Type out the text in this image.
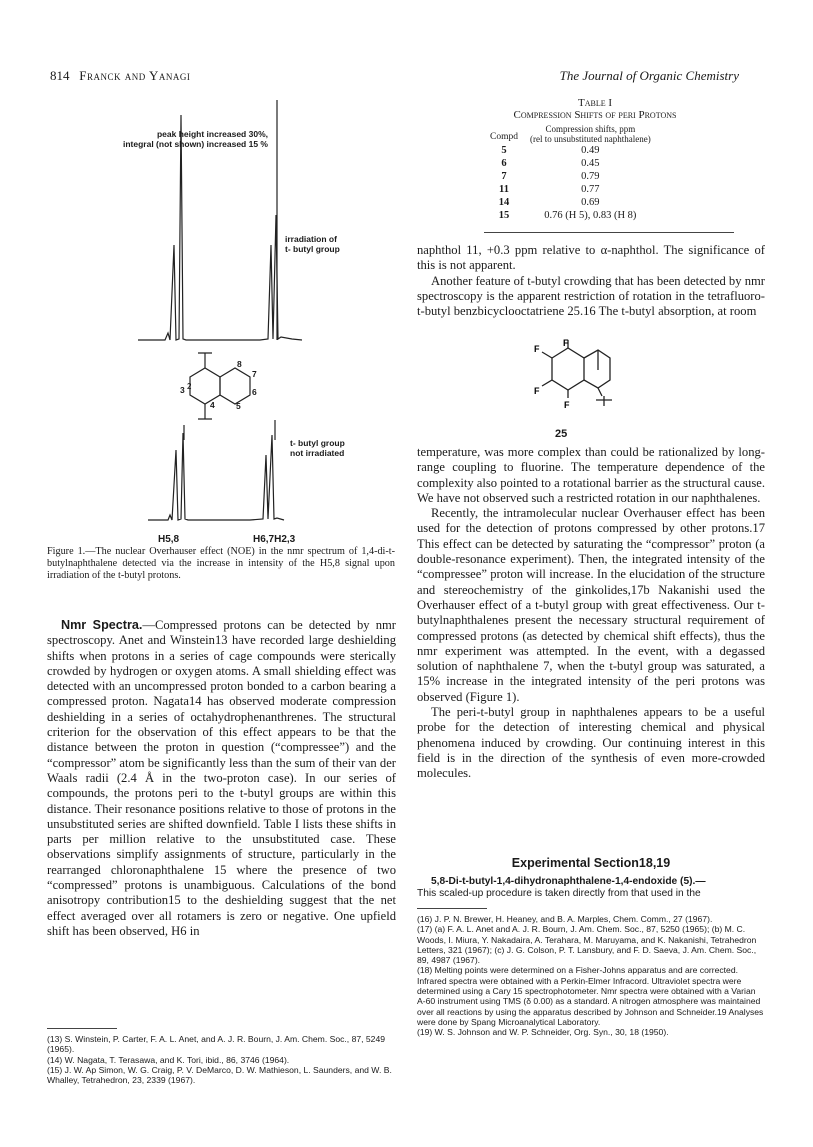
814 Franck and Yanagi	The Journal of Organic Chemistry
2
peak height increased 30%,
integral (not shown) increased 15 %
irradiation of
t- butyl group
t- butyl group
not irradiated
8
7
3	6
4	5
H5,8	H6,7H2,3
Figure 1.—The nuclear Overhauser effect (NOE) in the nmr spectrum of 1,4-di-t-butylnaphthalene detected via the increase in intensity of the H5,8 signal upon irradiation of the t-butyl protons.

Nmr Spectra.—Compressed protons can be detected by nmr spectroscopy. Anet and Winstein13 have recorded large deshielding shifts when protons in a series of cage compounds were sterically crowded by hydrogen or oxygen atoms. A small shielding effect was detected with an uncompressed proton bonded to a carbon bearing a compressed proton. Nagata14 has observed moderate compression deshielding in a series of octahydrophenanthrenes. The structural criterion for the observation of this effect appears to be that the distance between the proton in question (“compressee”) and the “compressor” atom be significantly less than the sum of their van der Waals radii (2.4 Å in the two-proton case). In our series of compounds, the protons peri to the t-butyl groups are within this distance. Their resonance positions relative to those of protons in the unsubstituted series are shifted downfield. Table I lists these shifts in parts per million relative to the unsubstituted case. These observations simplify assignments of structure, particularly in the rearranged chloronaphthalene 15 where the presence of two “compressed” protons is unambiguous. Calculations of the bond anisotropy contribution15 to the deshielding suggest that the net effect averaged over all rotamers is zero or negative. One upfield shift has been observed, H6 in

(13) S. Winstein, P. Carter, F. A. L. Anet, and A. J. R. Bourn, J. Am. Chem. Soc., 87, 5249 (1965).
(14) W. Nagata, T. Terasawa, and K. Tori, ibid., 86, 3746 (1964).
(15) J. W. Ap Simon, W. G. Craig, P. V. DeMarco, D. W. Mathieson, L. Saunders, and W. B. Whalley, Tetrahedron, 23, 2339 (1967).
Table I
Compression Shifts of peri Protons
Compd	Compression shifts, ppm
(rel to unsubstituted naphthalene)

5	0.49
6	0.45
7	0.79
11	0.77
14	0.69
15	0.76 (H 5), 0.83 (H 8)

naphthol 11, +0.3 ppm relative to α-naphthol. The significance of this is not apparent.

Another feature of t-butyl crowding that has been detected by nmr spectroscopy is the apparent restriction of rotation in the tetrafluoro-t-butyl benzbicyclooctatriene 25.16 The t-butyl absorption, at room

F
F
F
F
25

temperature, was more complex than could be rationalized by long-range coupling to fluorine. The temperature dependence of the complexity also pointed to a rotational barrier as the structural cause. We have not observed such a restricted rotation in our naphthalenes.

Recently, the intramolecular nuclear Overhauser effect has been used for the detection of protons compressed by other protons.17 This effect can be detected by saturating the “compressor” proton (a double-resonance experiment). Then, the integrated intensity of the “compressee” proton will increase. In the elucidation of the structure and stereochemistry of the ginkolides,17b Nakanishi used the Overhauser effect of a t-butyl group with great effectiveness. Our t-butylnaphthalenes present the necessary structural requirement of compressed protons (as detected by chemical shift effects), thus the nmr experiment was attempted. In the event, with a degassed solution of naphthalene 7, when the t-butyl group was saturated, a 15% increase in the integrated intensity of the peri protons was observed (Figure 1).

The peri-t-butyl group in naphthalenes appears to be a useful probe for the detection of interesting chemical and physical phenomena induced by crowding. Our continuing interest in this field is in the direction of the synthesis of even more-crowded molecules.

Experimental Section18,19
5,8-Di-t-butyl-1,4-dihydronaphthalene-1,4-endoxide (5).—
This scaled-up procedure is taken directly from that used in the
(16) J. P. N. Brewer, H. Heaney, and B. A. Marples, Chem. Comm., 27 (1967).
(17) (a) F. A. L. Anet and A. J. R. Bourn, J. Am. Chem. Soc., 87, 5250 (1965); (b) M. C. Woods, I. Miura, Y. Nakadaira, A. Terahara, M. Maruyama, and K. Nakanishi, Tetrahedron Letters, 321 (1967); (c) J. G. Colson, P. T. Lansbury, and F. D. Saeva, J. Am. Chem. Soc., 89, 4987 (1967).
(18) Melting points were determined on a Fisher-Johns apparatus and are corrected. Infrared spectra were obtained with a Perkin-Elmer Infracord. Ultraviolet spectra were determined using a Cary 15 spectrophotometer. Nmr spectra were obtained with a Varian A-60 instrument using TMS (δ 0.00) as a standard. A nitrogen atmosphere was maintained over all reactions by using the apparatus described by Johnson and Schneider.19 Analyses were done by Spang Microanalytical Laboratory.
(19) W. S. Johnson and W. P. Schneider, Org. Syn., 30, 18 (1950).
